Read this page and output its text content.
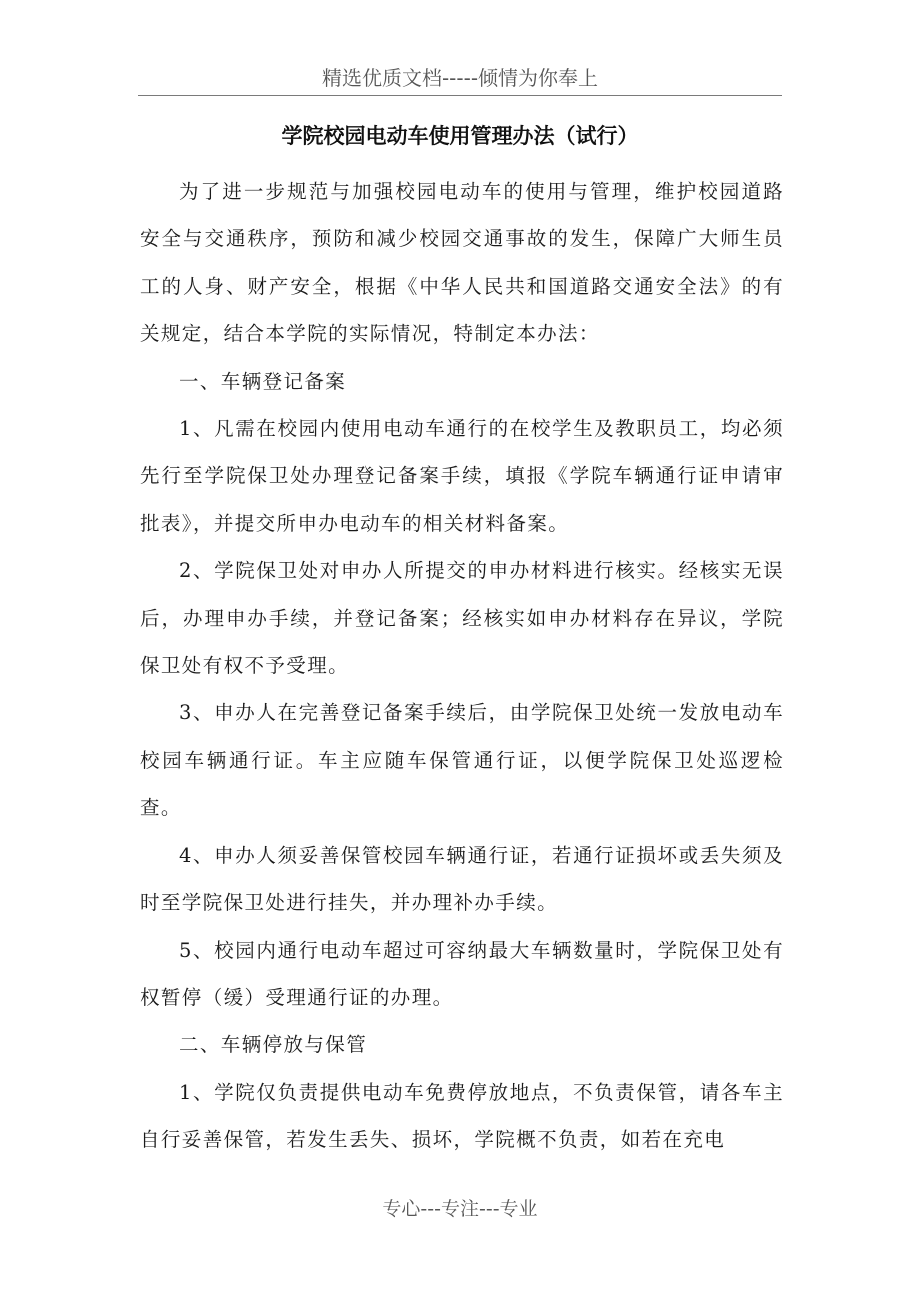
精选优质文档-----倾情为你奉上
学院校园电动车使用管理办法（试行）

为了进一步规范与加强校园电动车的使用与管理，维护校园道路安全与交通秩序，预防和减少校园交通事故的发生，保障广大师生员工的人身、财产安全，根据《中华人民共和国道路交通安全法》的有关规定，结合本学院的实际情况，特制定本办法：

一、车辆登记备案

1、凡需在校园内使用电动车通行的在校学生及教职员工，均必须先行至学院保卫处办理登记备案手续，填报《学院车辆通行证申请审批表》，并提交所申办电动车的相关材料备案。

2、学院保卫处对申办人所提交的申办材料进行核实。经核实无误后，办理申办手续，并登记备案；经核实如申办材料存在异议，学院保卫处有权不予受理。

3、申办人在完善登记备案手续后，由学院保卫处统一发放电动车校园车辆通行证。车主应随车保管通行证，以便学院保卫处巡逻检查。

4、申办人须妥善保管校园车辆通行证，若通行证损坏或丢失须及时至学院保卫处进行挂失，并办理补办手续。

5、校园内通行电动车超过可容纳最大车辆数量时，学院保卫处有权暂停（缓）受理通行证的办理。

二、车辆停放与保管

1、学院仅负责提供电动车免费停放地点，不负责保管，请各车主自行妥善保管，若发生丢失、损坏，学院概不负责，如若在充电

专心---专注---专业
